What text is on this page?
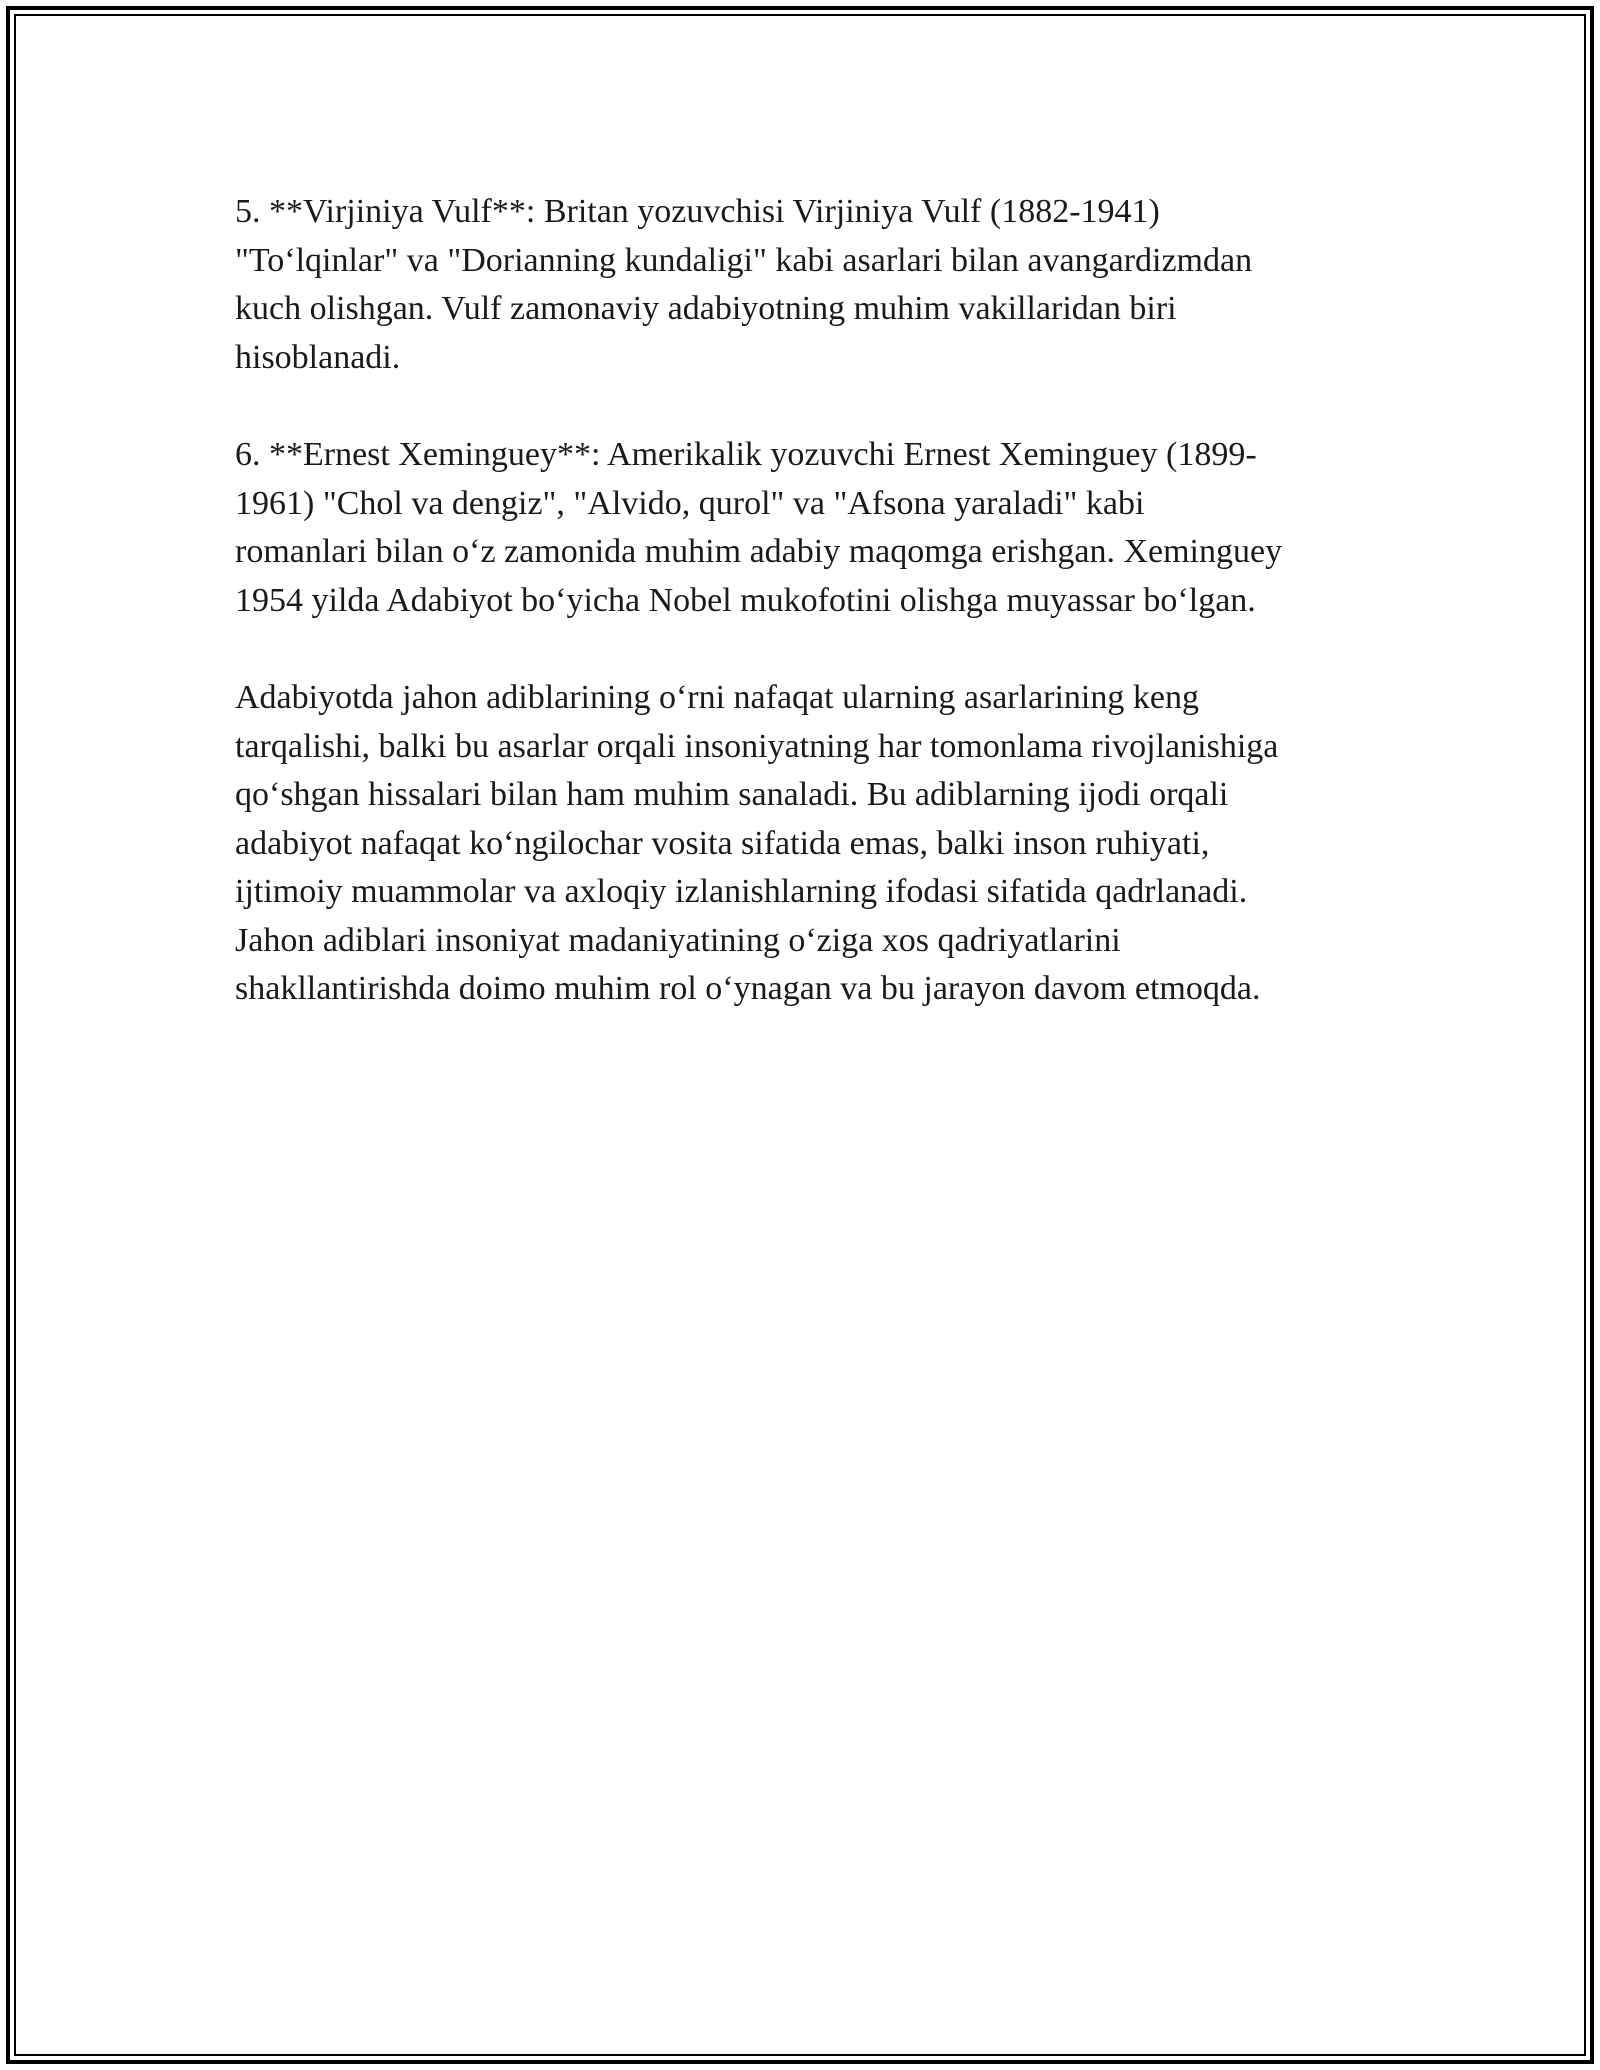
5. **Virjiniya Vulf**: Britan yozuvchisi Virjiniya Vulf (1882-1941)
"To‘lqinlar" va "Dorianning kundaligi" kabi asarlari bilan avangardizmdan
kuch olishgan. Vulf zamonaviy adabiyotning muhim vakillaridan biri
hisoblanadi.

6. **Ernest Xeminguey**: Amerikalik yozuvchi Ernest Xeminguey (1899-
1961) "Chol va dengiz", "Alvido, qurol" va "Afsona yaraladi" kabi
romanlari bilan o‘z zamonida muhim adabiy maqomga erishgan. Xeminguey
1954 yilda Adabiyot bo‘yicha Nobel mukofotini olishga muyassar bo‘lgan.

Adabiyotda jahon adiblarining o‘rni nafaqat ularning asarlarining keng
tarqalishi, balki bu asarlar orqali insoniyatning har tomonlama rivojlanishiga
qo‘shgan hissalari bilan ham muhim sanaladi. Bu adiblarning ijodi orqali
adabiyot nafaqat ko‘ngilochar vosita sifatida emas, balki inson ruhiyati,
ijtimoiy muammolar va axloqiy izlanishlarning ifodasi sifatida qadrlanadi.
Jahon adiblari insoniyat madaniyatining o‘ziga xos qadriyatlarini
shakllantirishda doimo muhim rol o‘ynagan va bu jarayon davom etmoqda.
